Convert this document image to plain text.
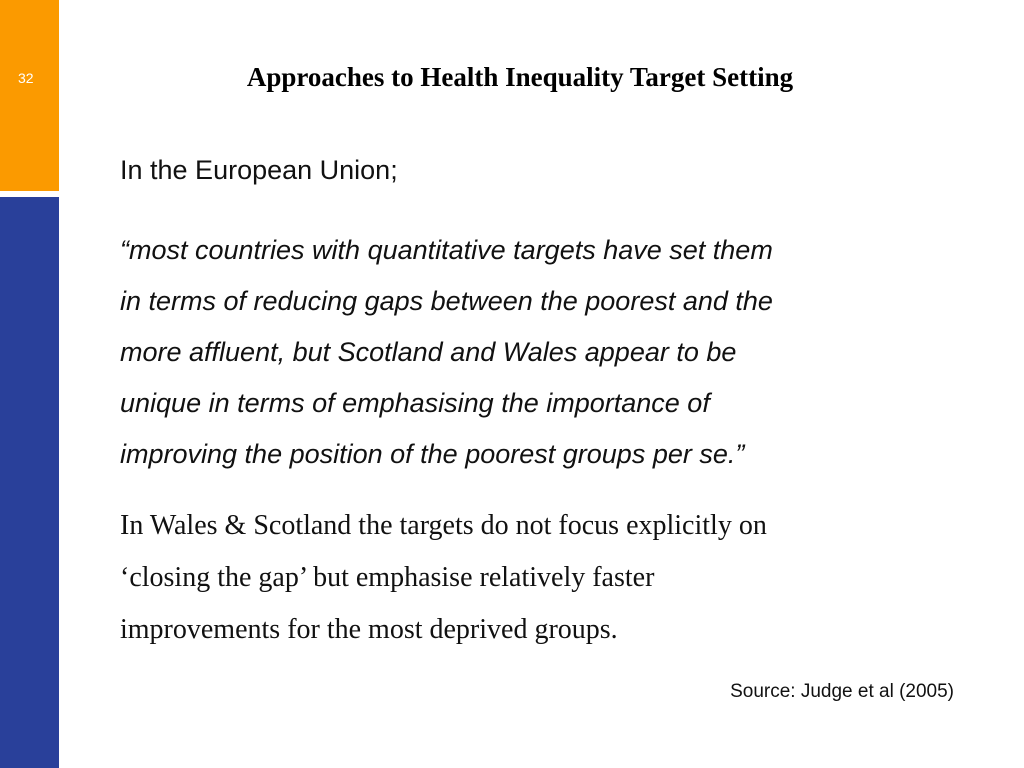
32	Approaches to Health Inequality Target Setting

In the European Union;

“most countries with quantitative targets have set them
in terms of reducing gaps between the poorest and the
more affluent, but Scotland and Wales appear to be
unique in terms of emphasising the importance of
improving the position of the poorest groups per se.”

In Wales & Scotland the targets do not focus explicitly on
‘closing the gap’ but emphasise relatively faster
improvements for the most deprived groups.

Source: Judge et al (2005)
